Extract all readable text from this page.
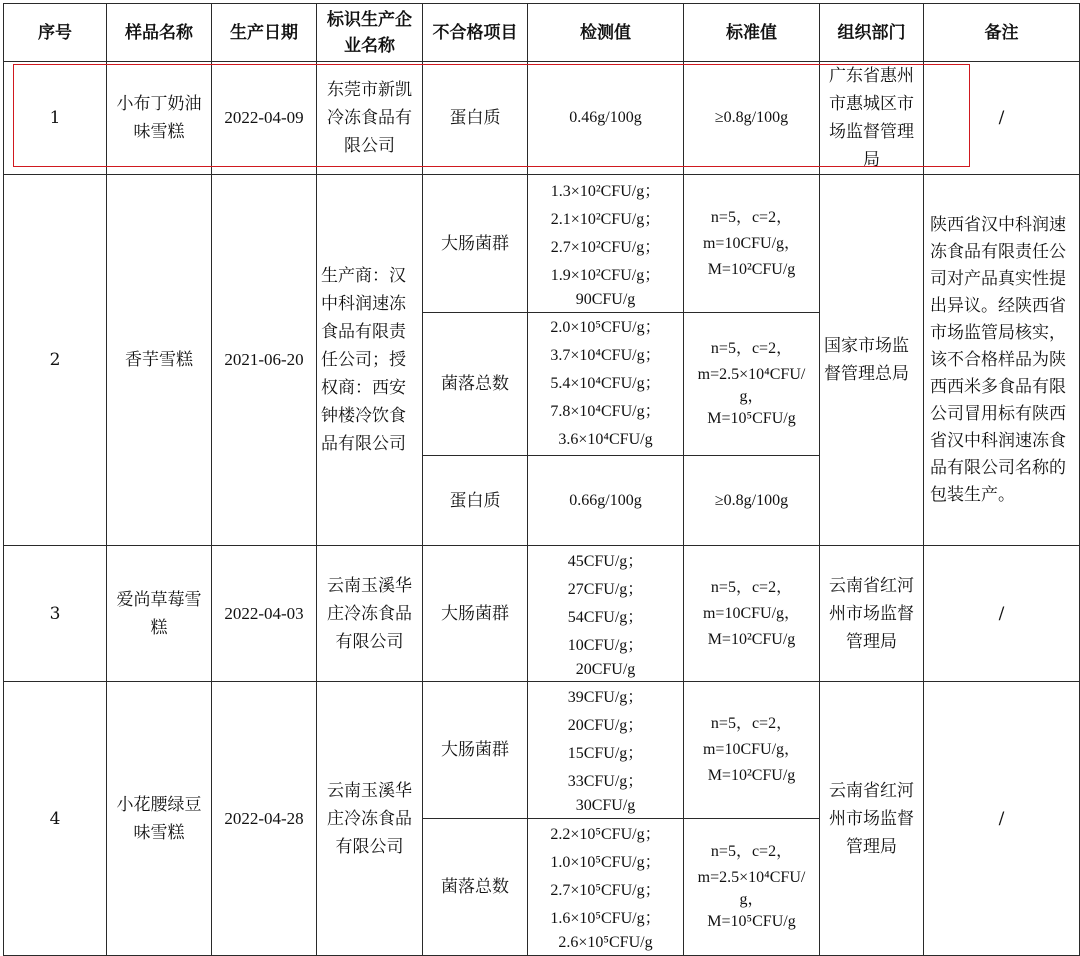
序号	样品名称	生产日期	标识生产企业名称	不合格项目	检测值	标准值	组织部门	备注
1	小布丁奶油味雪糕	2022-04-09	东莞市新凯冷冻食品有限公司	蛋白质	0.46g/100g	≥0.8g/100g	广东省惠州市惠城区市场监督管理局	/
2	香芋雪糕	2021-06-20	生产商：汉中科润速冻食品有限责任公司；授权商：西安钟楼冷饮食品有限公司	大肠菌群	1.3×10²CFU/g；
2.1×10²CFU/g；
2.7×10²CFU/g；
1.9×10²CFU/g；
90CFU/g	n=5，c=2，
m=10CFU/g，
M=10²CFU/g	国家市场监督管理总局	陕西省汉中科润速冻食品有限责任公司对产品真实性提出异议。经陕西省市场监管局核实，该不合格样品为陕西西米多食品有限公司冒用标有陕西省汉中科润速冻食品有限公司名称的包装生产。
				菌落总数	2.0×10⁵CFU/g；
3.7×10⁴CFU/g；
5.4×10⁴CFU/g；
7.8×10⁴CFU/g；
3.6×10⁴CFU/g	n=5，c=2，
m=2.5×10⁴CFU/
g，
M=10⁵CFU/g		

				蛋白质	0.66g/100g	≥0.8g/100g		

3	爱尚草莓雪糕	2022-04-03	云南玉溪华庄冷冻食品有限公司	大肠菌群	45CFU/g；
27CFU/g；
54CFU/g；
10CFU/g；
20CFU/g	n=5，c=2，
m=10CFU/g，
M=10²CFU/g	云南省红河州市场监督管理局	/
4	小花腰绿豆味雪糕	2022-04-28	云南玉溪华庄冷冻食品有限公司	大肠菌群	39CFU/g；
20CFU/g；
15CFU/g；
33CFU/g；
30CFU/g	n=5，c=2，
m=10CFU/g，
M=10²CFU/g	云南省红河州市场监督管理局	/
				菌落总数	2.2×10⁵CFU/g；
1.0×10⁵CFU/g；
2.7×10⁵CFU/g；
1.6×10⁵CFU/g；
2.6×10⁵CFU/g	n=5，c=2，
m=2.5×10⁴CFU/
g，
M=10⁵CFU/g		
